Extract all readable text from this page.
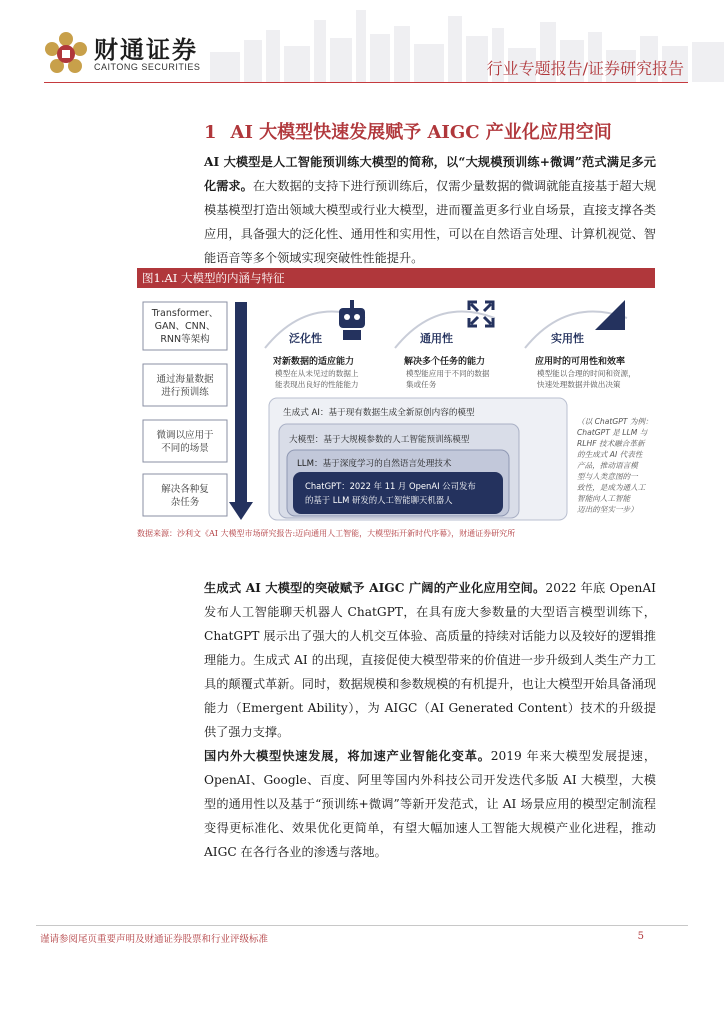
财通证券
CAITONG SECURITIES	行业专题报告/证券研究报告
1 AI 大模型快速发展赋予 AIGC 产业化应用空间
AI 大模型是人工智能预训练大模型的简称，以“大规模预训练+微调”范式满足多元化需求。在大数据的支持下进行预训练后，仅需少量数据的微调就能直接基于超大规模基模型打造出领域大模型或行业大模型，进而覆盖更多行业自场景，直接支撑各类应用，具备强大的泛化性、通用性和实用性，可以在自然语言处理、计算机视觉、智能语音等多个领域实现突破性性能提升。
图1.AI 大模型的内涵与特征
Transformer、
GAN、CNN、
RNN等架构
通过海量数据
进行预训练
微调以应用于
不同的场景
解决各种复
杂任务
泛化性	通用性	实用性
对新数据的适应能力
模型在从未见过的数据上
能表现出良好的性能能力
解决多个任务的能力
模型能应用于不同的数据
集或任务
应用时的可用性和效率
模型能以合理的时间和资源，
快速处理数据并做出决策
生成式 AI：基于现有数据生成全新原创内容的模型
大模型：基于大规模参数的人工智能预训练模型
LLM：基于深度学习的自然语言处理技术
ChatGPT：2022 年 11 月 OpenAI 公司发布
的基于 LLM 研发的人工智能聊天机器人
（以 ChatGPT 为例：
ChatGPT 是 LLM 与
RLHF 技术融合革新
的生成式 AI 代表性
产品，推动语言模
型与人类意图的一
致性，是成为通人工
智能向人工智能
迈出的坚实一步）
数据来源：沙利文《AI 大模型市场研究报告:迈向通用人工智能，大模型拓开新时代序幕》，财通证券研究所
生成式 AI 大模型的突破赋予 AIGC 广阔的产业化应用空间。2022 年底 OpenAI 发布人工智能聊天机器人 ChatGPT，在具有庞大参数量的大型语言模型训练下，ChatGPT 展示出了强大的人机交互体验、高质量的持续对话能力以及较好的逻辑推理能力。生成式 AI 的出现，直接促使大模型带来的价值进一步升级到人类生产力工具的颠覆式革新。同时，数据规模和参数规模的有机提升，也让大模型开始具备涌现能力（Emergent Ability），为 AIGC（AI Generated Content）技术的升级提供了强力支撑。
国内外大模型快速发展，将加速产业智能化变革。2019 年来大模型发展提速，OpenAI、Google、百度、阿里等国内外科技公司开发迭代多版 AI 大模型，大模型的通用性以及基于“预训练+微调”等新开发范式，让 AI 场景应用的模型定制流程变得更标准化、效果优化更简单，有望大幅加速人工智能大规模产业化进程，推动 AIGC 在各行各业的渗透与落地。
谨请参阅尾页重要声明及财通证券股票和行业评级标准	5
